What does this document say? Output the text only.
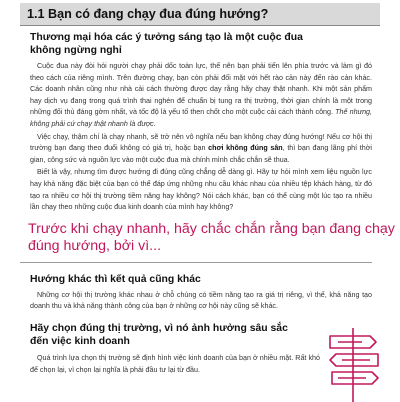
1.1 Bạn có đang chạy đua đúng hướng?
Thương mại hóa các ý tưởng sáng tạo là một cuộc đua
không ngừng nghỉ

Cuộc đua này đòi hỏi người chạy phải dốc toàn lực, thế nên bạn phải tiến lên phía trước và làm gì đó theo cách của riêng mình. Trên đường chạy, bạn còn phải đối mặt với hết rào cản này đến rào cản khác. Các doanh nhân cũng như nhà cải cách thường được dạy rằng hãy chạy thật nhanh. Khi một sản phẩm hay dịch vụ đang trong quá trình thai nghén để chuẩn bị tung ra thị trường, thời gian chính là một trong những đối thủ đáng gờm nhất, và tốc độ là yếu tố then chốt cho một cuộc cải cách thành công. Thế nhưng, không phải cứ chạy thật nhanh là được.

Việc chạy, thậm chí là chạy nhanh, sẽ trở nên vô nghĩa nếu bạn không chạy đúng hướng! Nếu cơ hội thị trường bạn đang theo đuổi không có giá trị, hoặc bạn chơi không đúng sân, thì bạn đang lãng phí thời gian, công sức và nguồn lực vào một cuộc đua mà chính mình chắc chắn sẽ thua.

Biết là vậy, nhưng tìm được hướng đi đúng cũng chẳng dễ dàng gì. Hãy tự hỏi mình xem liệu nguồn lực hay khả năng đặc biệt của bạn có thể đáp ứng những nhu cầu khác nhau của nhiều tệp khách hàng, từ đó tạo ra nhiều cơ hội thị trường tiềm năng hay không? Nói cách khác, bạn có thể cùng một lúc tạo ra nhiều lần chạy theo những cuộc đua kinh doanh của mình hay không?

Trước khi chạy nhanh, hãy chắc chắn rằng bạn đang chạy
đúng hướng, bởi vì...
Hướng khác thì kết quả cũng khác

Những cơ hội thị trường khác nhau ở chỗ chúng có tiềm năng tạo ra giá trị riêng, vì thế, khả năng tạo doanh thu và khả năng thành công của bạn ở những cơ hội này cũng sẽ khác.

Hãy chọn đúng thị trường, vì nó ảnh hưởng sâu sắc
đến việc kinh doanh

Quá trình lựa chọn thị trường sẽ định hình việc kinh doanh của bạn ở nhiều mặt. Rất khó để chọn lại, vì chọn lại nghĩa là phải đầu tư lại từ đầu.
